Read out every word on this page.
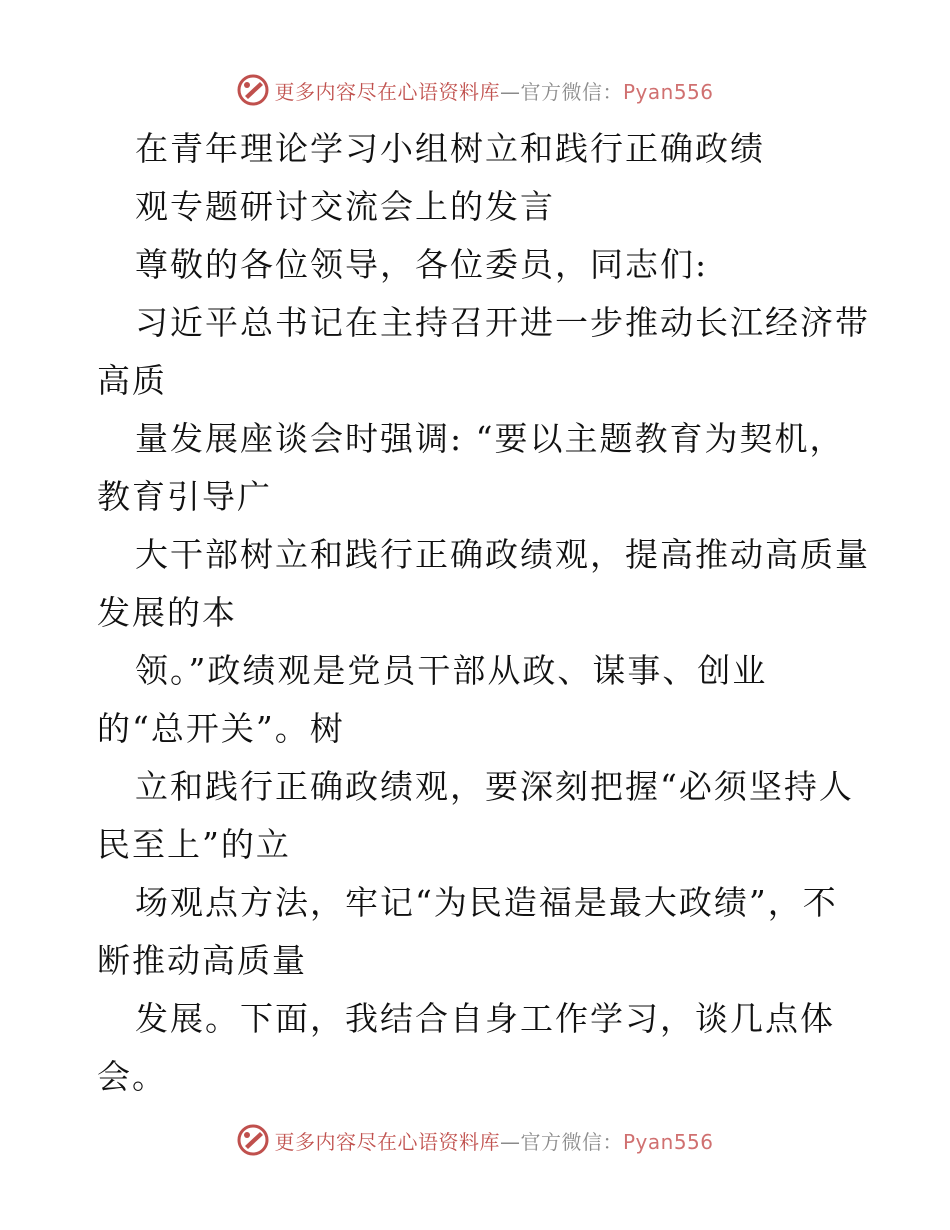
更多内容尽在心语资料库—官方微信：Pyan556
在青年理论学习小组树立和践行正确政绩
观专题研讨交流会上的发言
尊敬的各位领导，各位委员，同志们:
习近平总书记在主持召开进一步推动长江经济带
高质
量发展座谈会时强调: “要以主题教育为契机，
教育引导广
大干部树立和践行正确政绩观，提高推动高质量
发展的本
领。”政绩观是党员干部从政、谋事、创业
的“总开关”。树
立和践行正确政绩观，要深刻把握“必须坚持人
民至上”的立
场观点方法，牢记“为民造福是最大政绩”，不
断推动高质量
发展。下面，我结合自身工作学习，谈几点体
会。
更多内容尽在心语资料库—官方微信：Pyan556
